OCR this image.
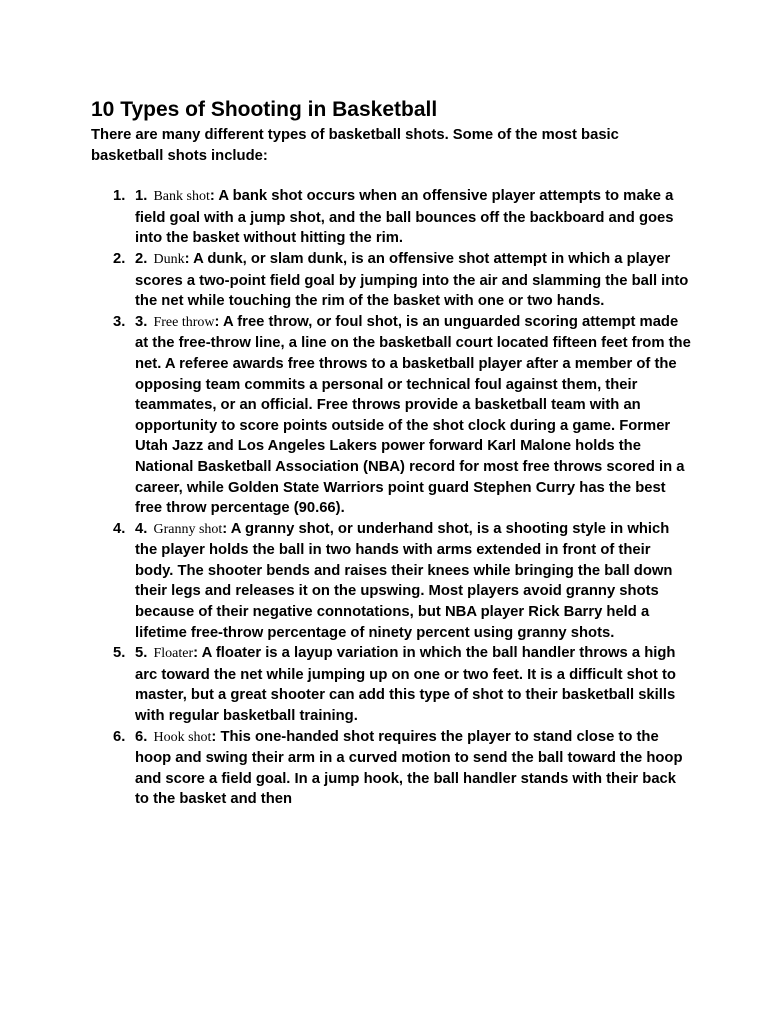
10 Types of Shooting in Basketball
There are many different types of basketball shots. Some of the most basic basketball shots include:
1. 1. Bank shot: A bank shot occurs when an offensive player attempts to make a field goal with a jump shot, and the ball bounces off the backboard and goes into the basket without hitting the rim.
2. 2. Dunk: A dunk, or slam dunk, is an offensive shot attempt in which a player scores a two-point field goal by jumping into the air and slamming the ball into the net while touching the rim of the basket with one or two hands.
3. 3. Free throw: A free throw, or foul shot, is an unguarded scoring attempt made at the free-throw line, a line on the basketball court located fifteen feet from the net. A referee awards free throws to a basketball player after a member of the opposing team commits a personal or technical foul against them, their teammates, or an official. Free throws provide a basketball team with an opportunity to score points outside of the shot clock during a game. Former Utah Jazz and Los Angeles Lakers power forward Karl Malone holds the National Basketball Association (NBA) record for most free throws scored in a career, while Golden State Warriors point guard Stephen Curry has the best free throw percentage (90.66).
4. 4. Granny shot: A granny shot, or underhand shot, is a shooting style in which the player holds the ball in two hands with arms extended in front of their body. The shooter bends and raises their knees while bringing the ball down their legs and releases it on the upswing. Most players avoid granny shots because of their negative connotations, but NBA player Rick Barry held a lifetime free-throw percentage of ninety percent using granny shots.
5. 5. Floater: A floater is a layup variation in which the ball handler throws a high arc toward the net while jumping up on one or two feet. It is a difficult shot to master, but a great shooter can add this type of shot to their basketball skills with regular basketball training.
6. 6. Hook shot: This one-handed shot requires the player to stand close to the hoop and swing their arm in a curved motion to send the ball toward the hoop and score a field goal. In a jump hook, the ball handler stands with their back to the basket and then
